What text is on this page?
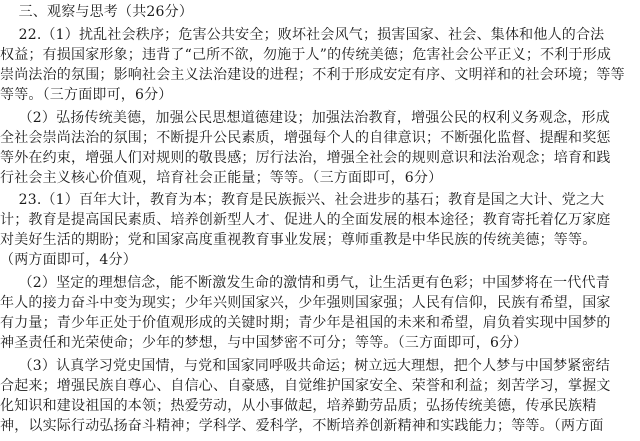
三、观察与思考（共26分）
22.（1）扰乱社会秩序；危害公共安全；败坏社会风气；损害国家、社会、集体和他人的合法
权益；有损国家形象；违背了“己所不欲，勿施于人”的传统美德；危害社会公平正义；不利于形成
崇尚法治的氛围；影响社会主义法治建设的进程；不利于形成安定有序、文明祥和的社会环境；等等
等等。（三方面即可，6分）
（2）弘扬传统美德，加强公民思想道德建设；加强法治教育，增强公民的权利义务观念，形成
全社会崇尚法治的氛围；不断提升公民素质，增强每个人的自律意识；不断强化监督、提醒和奖惩
等外在约束，增强人们对规则的敬畏感；厉行法治，增强全社会的规则意识和法治观念；培育和践
行社会主义核心价值观，培育社会正能量；等等。（三方面即可，6分）
23.（1）百年大计，教育为本；教育是民族振兴、社会进步的基石；教育是国之大计、党之大
计；教育是提高国民素质、培养创新型人才、促进人的全面发展的根本途径；教育寄托着亿万家庭
对美好生活的期盼；党和国家高度重视教育事业发展；尊师重教是中华民族的传统美德；等等。
（两方面即可，4分）
（2）坚定的理想信念，能不断激发生命的激情和勇气，让生活更有色彩；中国梦将在一代代青
年人的接力奋斗中变为现实；少年兴则国家兴，少年强则国家强；人民有信仰，民族有希望，国家
有力量；青少年正处于价值观形成的关键时期；青少年是祖国的未来和希望，肩负着实现中国梦的
神圣责任和光荣使命；少年的梦想，与中国梦密不可分；等等。（三方面即可，6分）
（3）认真学习党史国情，与党和国家同呼吸共命运；树立远大理想，把个人梦与中国梦紧密结
合起来；增强民族自尊心、自信心、自豪感，自觉维护国家安全、荣誉和利益；刻苦学习，掌握文
化知识和建设祖国的本领；热爱劳动，从小事做起，培养勤劳品质；弘扬传统美德，传承民族精
神，以实际行动弘扬奋斗精神；学科学、爱科学，不断培养创新精神和实践能力；等等。（两方面
